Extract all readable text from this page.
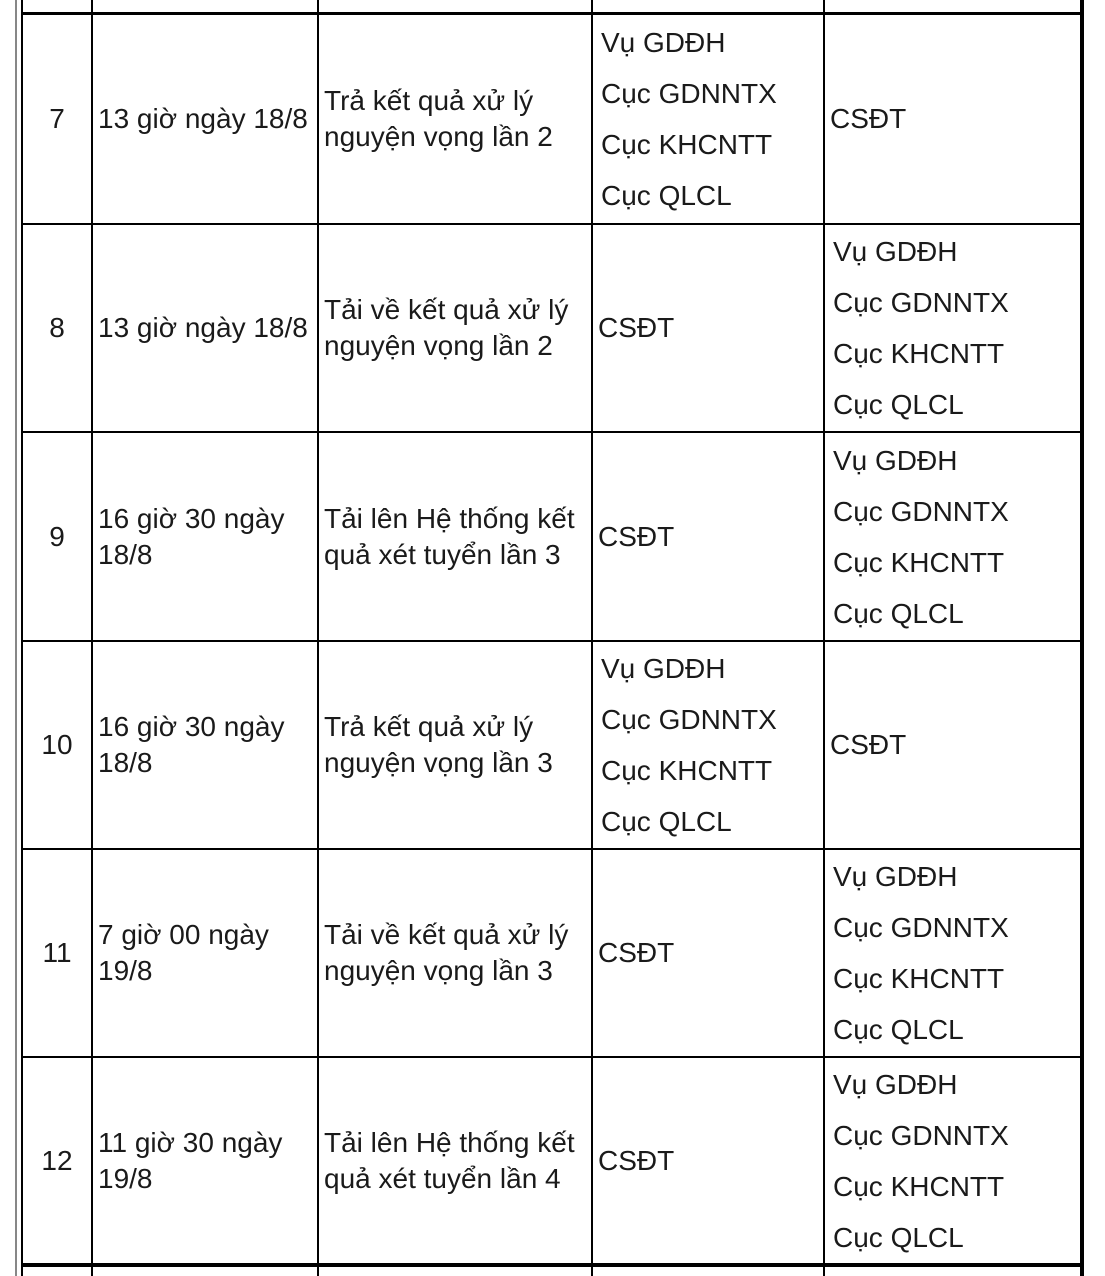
7	13 giờ ngày 18/8
Trả kết quả xử lý nguyện vọng lần 2
Vụ GDĐH
Cục GDNNTX
Cục KHCNTT
Cục QLCL
CSĐT
8	13 giờ ngày 18/8
Tải về kết quả xử lý nguyện vọng lần 2
CSĐT
Vụ GDĐH
Cục GDNNTX
Cục KHCNTT
Cục QLCL
9
16 giờ 30 ngày 18/8
Tải lên Hệ thống kết quả xét tuyển lần 3
CSĐT
Vụ GDĐH
Cục GDNNTX
Cục KHCNTT
Cục QLCL
10
16 giờ 30 ngày 18/8
Trả kết quả xử lý nguyện vọng lần 3
Vụ GDĐH
Cục GDNNTX
Cục KHCNTT
Cục QLCL
CSĐT
11
7 giờ 00 ngày 19/8
Tải về kết quả xử lý nguyện vọng lần 3
CSĐT
Vụ GDĐH
Cục GDNNTX
Cục KHCNTT
Cục QLCL
12
11 giờ 30 ngày 19/8
Tải lên Hệ thống kết quả xét tuyển lần 4
CSĐT
Vụ GDĐH
Cục GDNNTX
Cục KHCNTT
Cục QLCL
